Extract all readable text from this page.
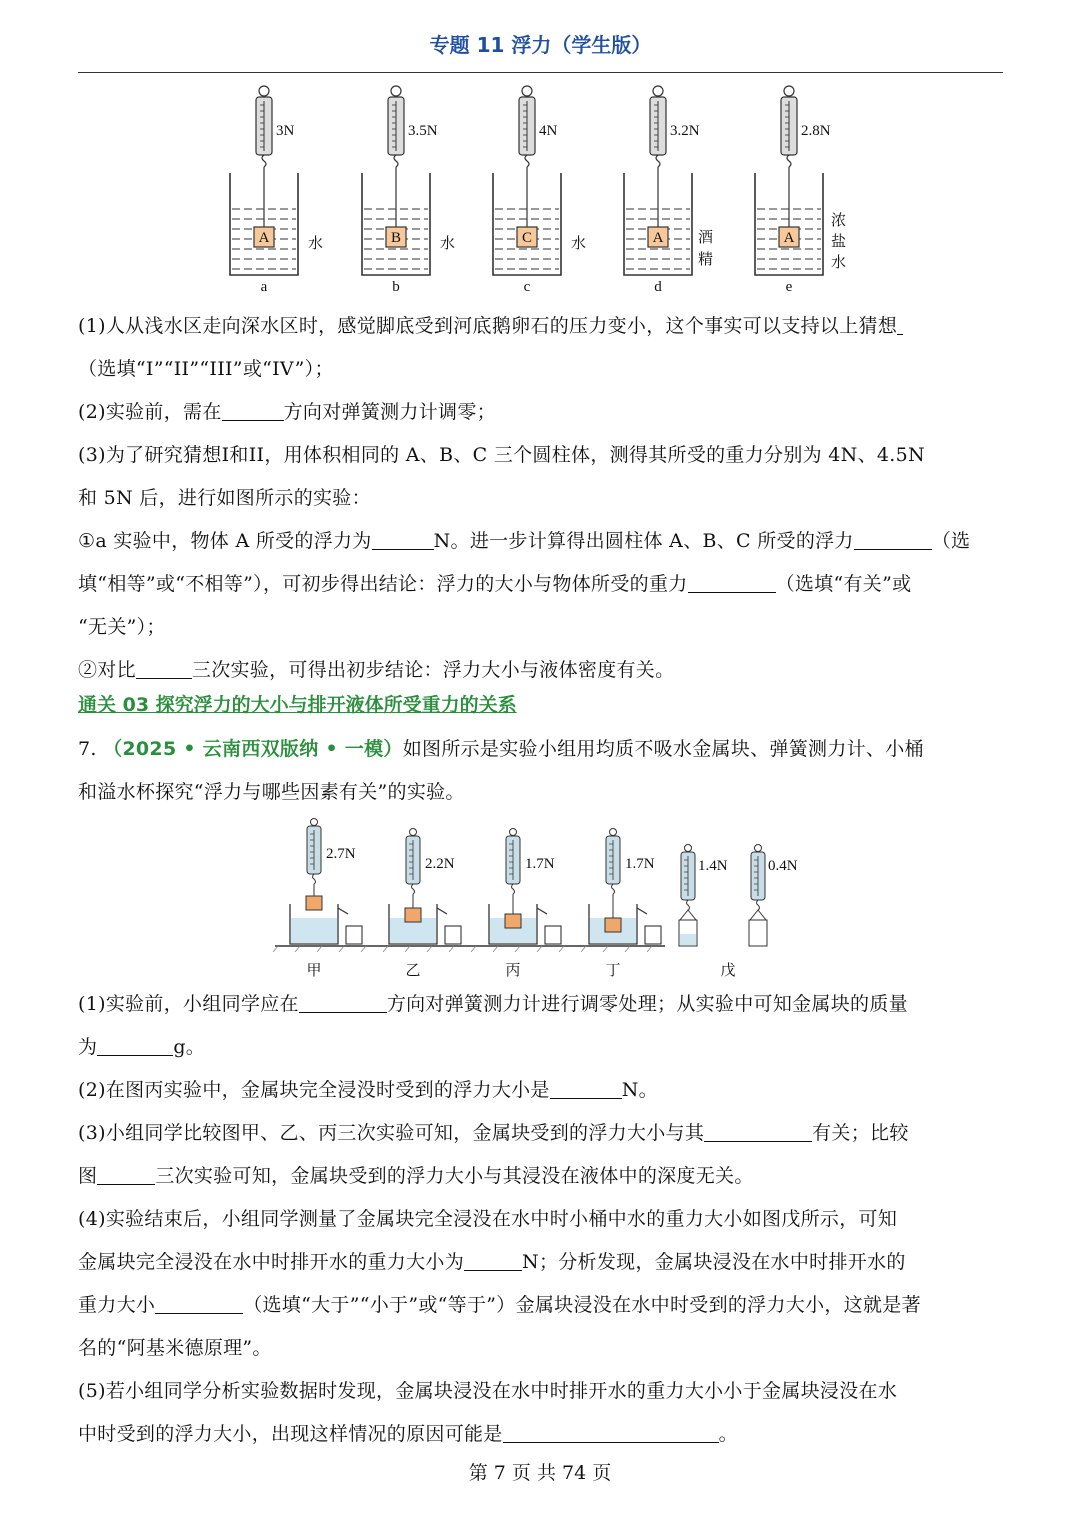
专题 11 浮力（学生版）
3N
A	水
a
3.5N
B	水
b
4N
C	水
c
3.2N
A 酒
精
d
2.8N
A
浓
盐
水
e
(1)人从浅水区走向深水区时，感觉脚底受到河底鹅卵石的压力变小，这个事实可以支持以上猜想
（选填“I”“II”“III”或“IV”）；
(2)实验前，需在	方向对弹簧测力计调零；
(3)为了研究猜想I和II，用体积相同的 A、B、C 三个圆柱体，测得其所受的重力分别为 4N、4.5N
和 5N 后，进行如图所示的实验：
①a 实验中，物体 A 所受的浮力为	N。进一步计算得出圆柱体 A、B、C 所受的浮力	（选
填“相等”或“不相等”），可初步得出结论：浮力的大小与物体所受的重力	（选填“有关”或
“无关”）；
②对比	三次实验，可得出初步结论：浮力大小与液体密度有关。
通关 03 探究浮力的大小与排开液体所受重力的关系
7. （2025 • 云南西双版纳 • 一模）如图所示是实验小组用均质不吸水金属块、弹簧测力计、小桶
和溢水杯探究“浮力与哪些因素有关”的实验。
2.7N
甲
2.2N
乙
1.7N
丙
1.7N
丁
1.4N	0.4N
戊
(1)实验前，小组同学应在	方向对弹簧测力计进行调零处理；从实验中可知金属块的质量
为	g。
(2)在图丙实验中，金属块完全浸没时受到的浮力大小是	N。
(3)小组同学比较图甲、乙、丙三次实验可知，金属块受到的浮力大小与其	有关；比较
图	三次实验可知，金属块受到的浮力大小与其浸没在液体中的深度无关。
(4)实验结束后，小组同学测量了金属块完全浸没在水中时小桶中水的重力大小如图戊所示，可知
金属块完全浸没在水中时排开水的重力大小为	N；分析发现，金属块浸没在水中时排开水的
重力大小	（选填“大于”“小于”或“等于”）金属块浸没在水中时受到的浮力大小，这就是著
名的“阿基米德原理”。
(5)若小组同学分析实验数据时发现，金属块浸没在水中时排开水的重力大小小于金属块浸没在水
中时受到的浮力大小，出现这样情况的原因可能是	。
第 7 页 共 74 页
